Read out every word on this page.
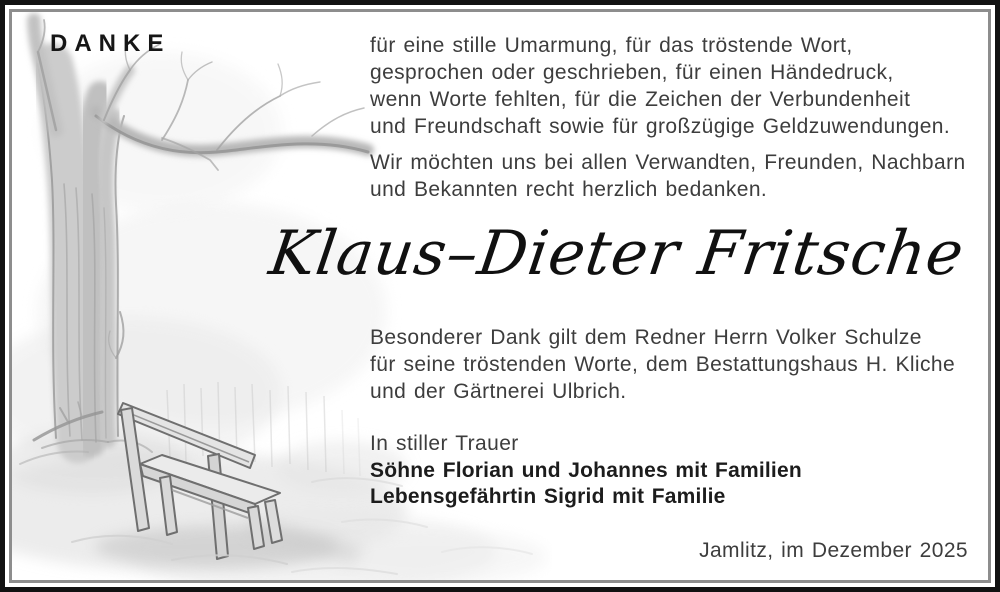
DANKE	für eine stille Umarmung, für das tröstende Wort,
gesprochen oder geschrieben, für einen Händedruck,
wenn Worte fehlten, für die Zeichen der Verbundenheit
und Freundschaft sowie für großzügige Geldzuwendungen.

Wir möchten uns bei allen Verwandten, Freunden, Nachbarn
und Bekannten recht herzlich bedanken.

Besonderer Dank gilt dem Redner Herrn Volker Schulze
für seine tröstenden Worte, dem Bestattungshaus H. Kliche
und der Gärtnerei Ulbrich.

In stiller Trauer

Söhne Florian und Johannes mit Familien
Lebensgefährtin Sigrid mit Familie

Klaus–Dieter Fritsche
Jamlitz, im Dezember 2025
